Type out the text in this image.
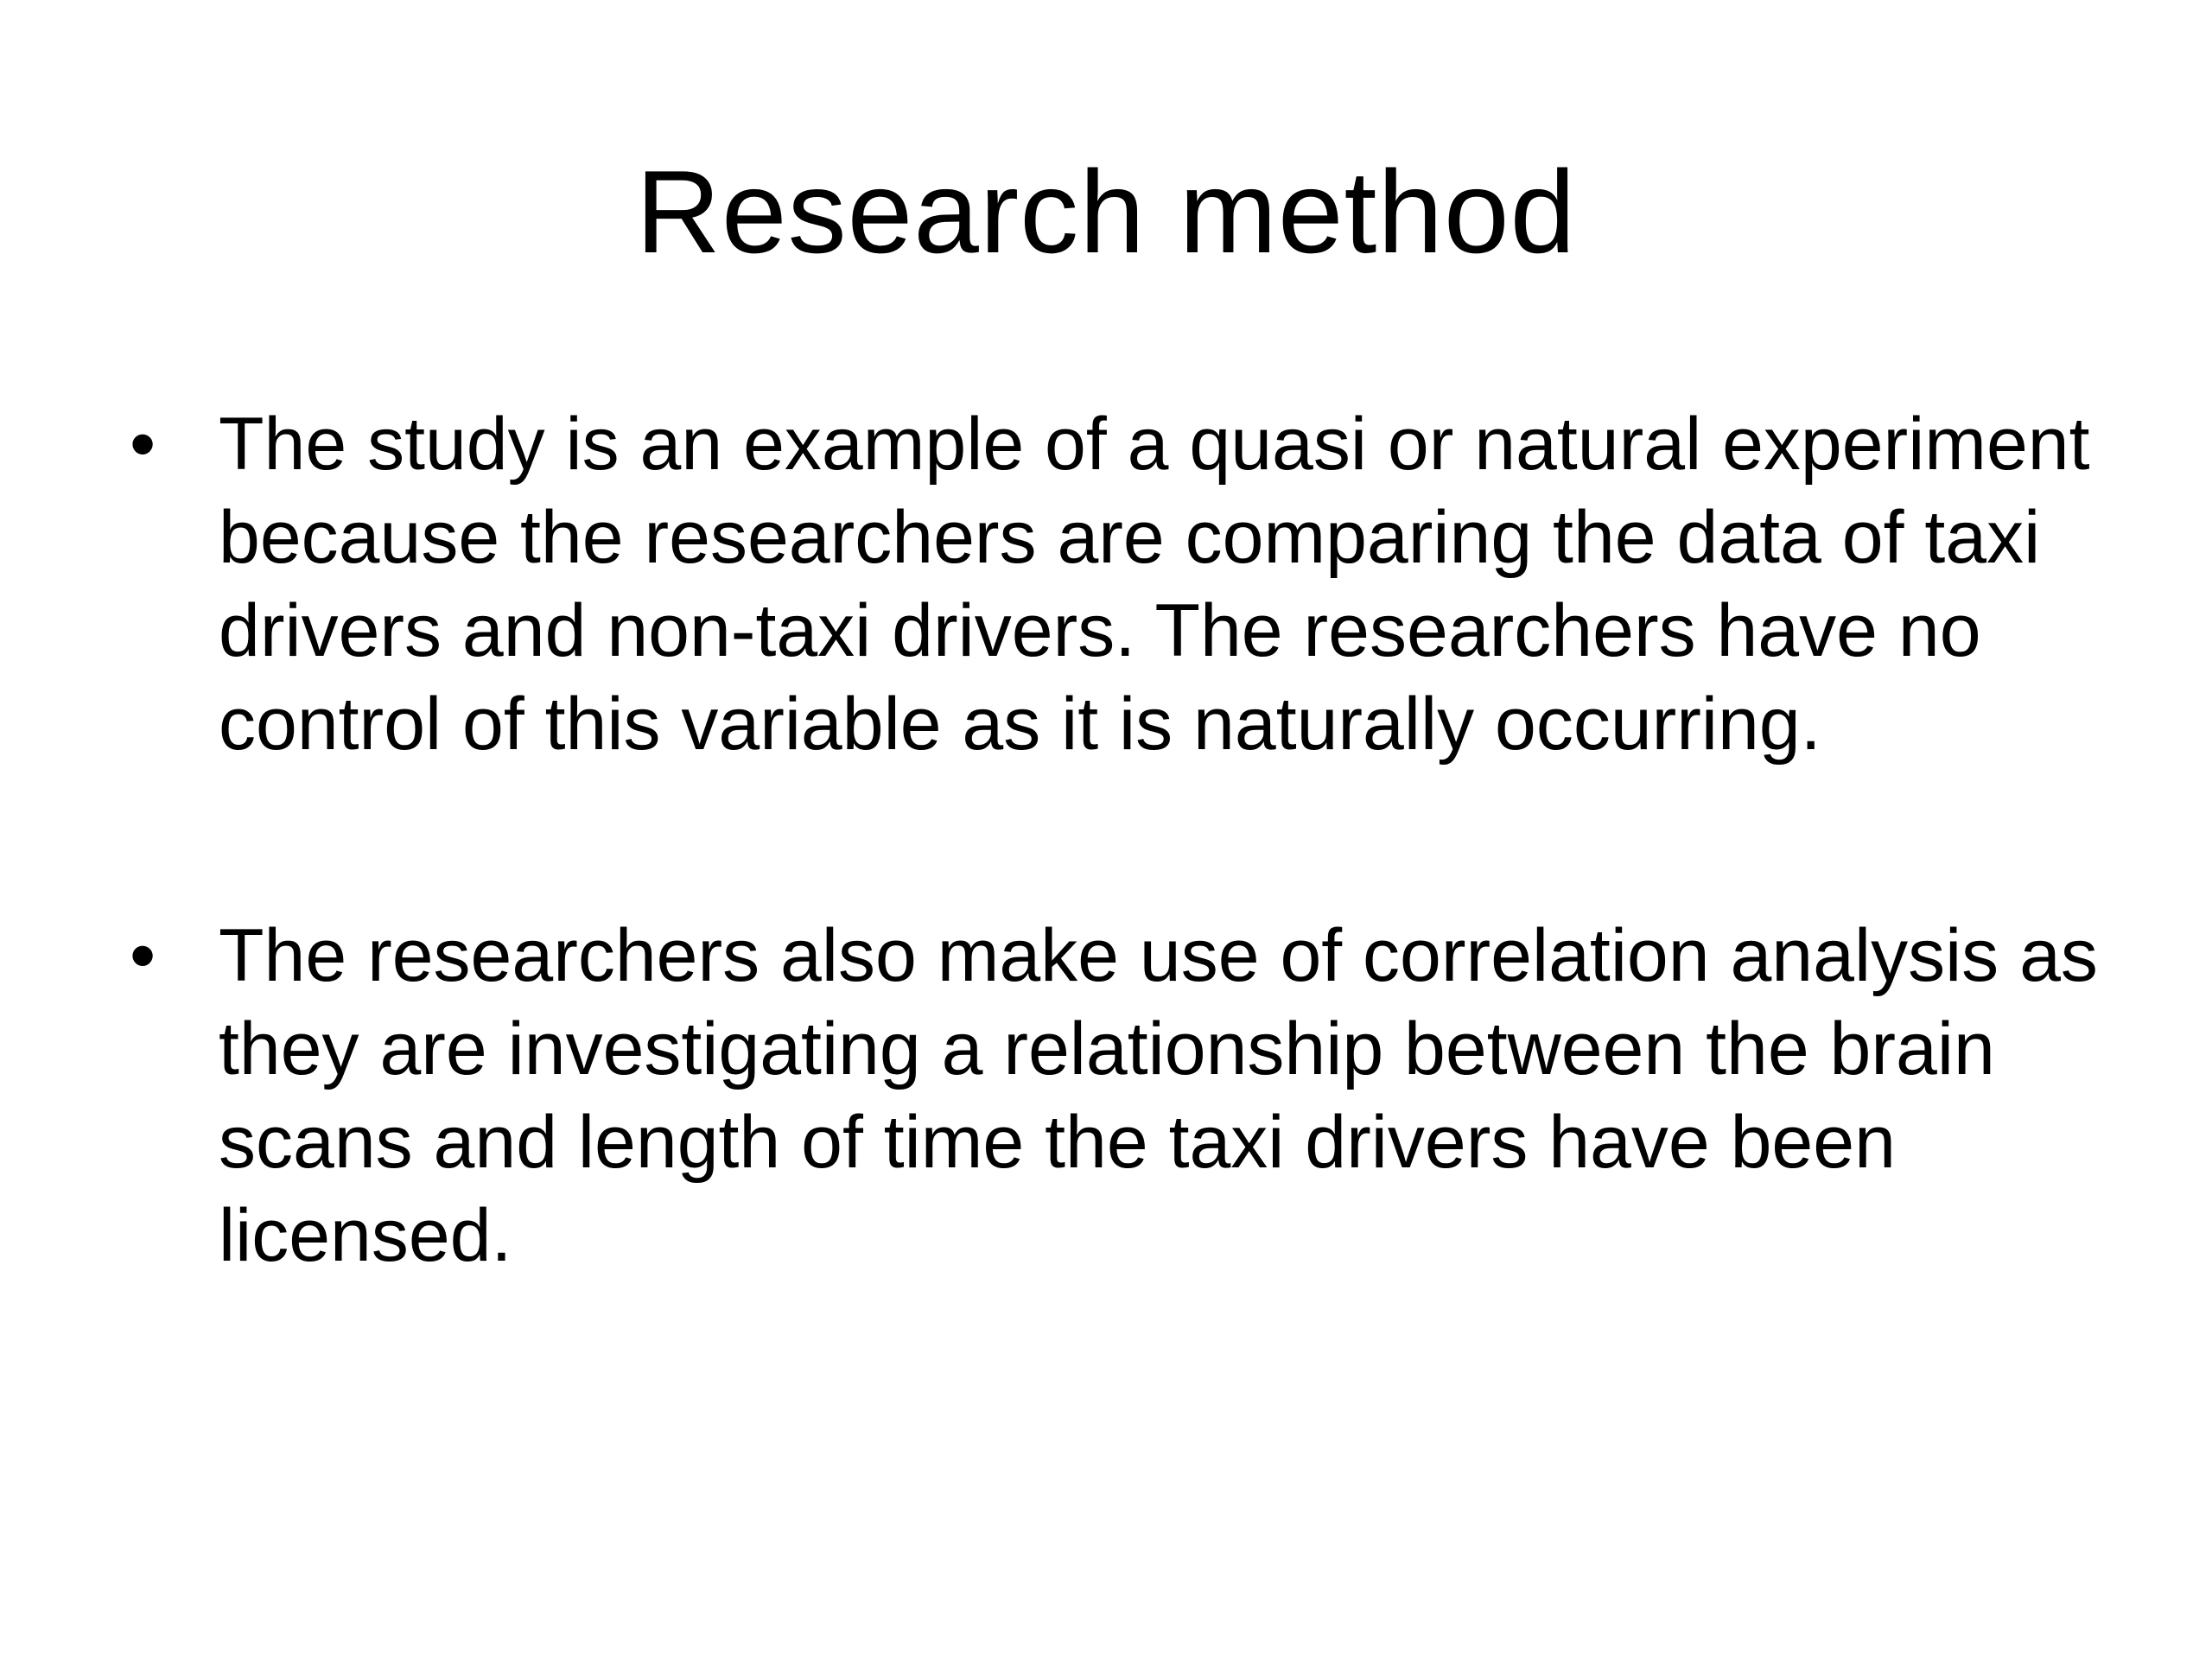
Research method
• The study is an example of a quasi or natural experiment because the researchers are comparing the data of taxi drivers and non-taxi drivers. The researchers have no control of this variable as it is naturally occurring.
• The researchers also make use of correlation analysis as they are investigating a relationship between the brain scans and length of time the taxi drivers have been licensed.
